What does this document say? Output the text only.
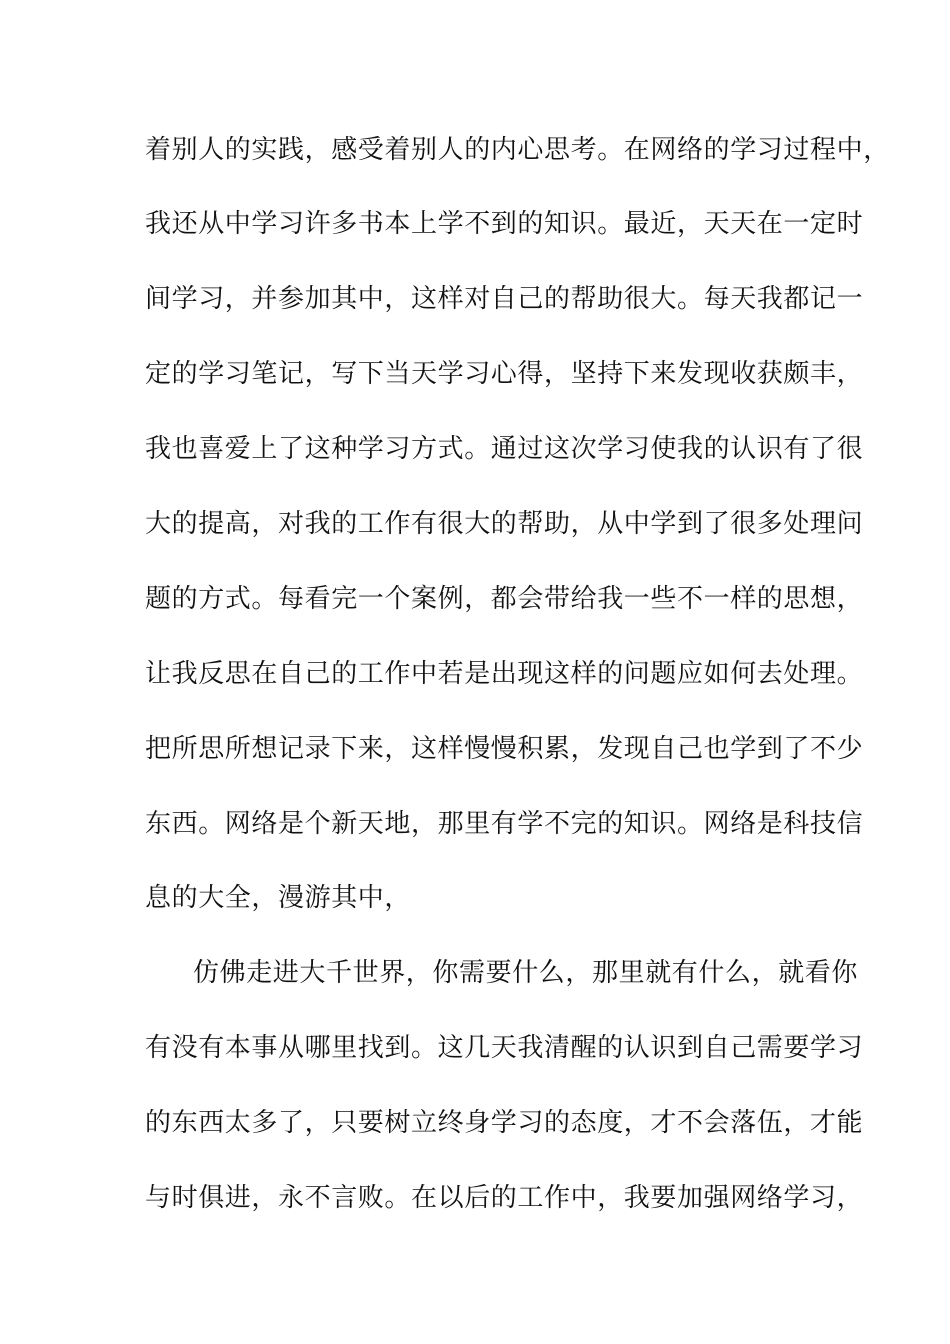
着别人的实践，感受着别人的内心思考。在网络的学习过程中，
我还从中学习许多书本上学不到的知识。最近，天天在一定时
间学习，并参加其中，这样对自己的帮助很大。每天我都记一
定的学习笔记，写下当天学习心得，坚持下来发现收获颇丰，
我也喜爱上了这种学习方式。通过这次学习使我的认识有了很
大的提高，对我的工作有很大的帮助，从中学到了很多处理问
题的方式。每看完一个案例，都会带给我一些不一样的思想，
让我反思在自己的工作中若是出现这样的问题应如何去处理。
把所思所想记录下来，这样慢慢积累，发现自己也学到了不少
东西。网络是个新天地，那里有学不完的知识。网络是科技信
息的大全，漫游其中，
仿佛走进大千世界，你需要什么，那里就有什么，就看你
有没有本事从哪里找到。这几天我清醒的认识到自己需要学习
的东西太多了，只要树立终身学习的态度，才不会落伍，才能
与时俱进，永不言败。在以后的工作中，我要加强网络学习，
